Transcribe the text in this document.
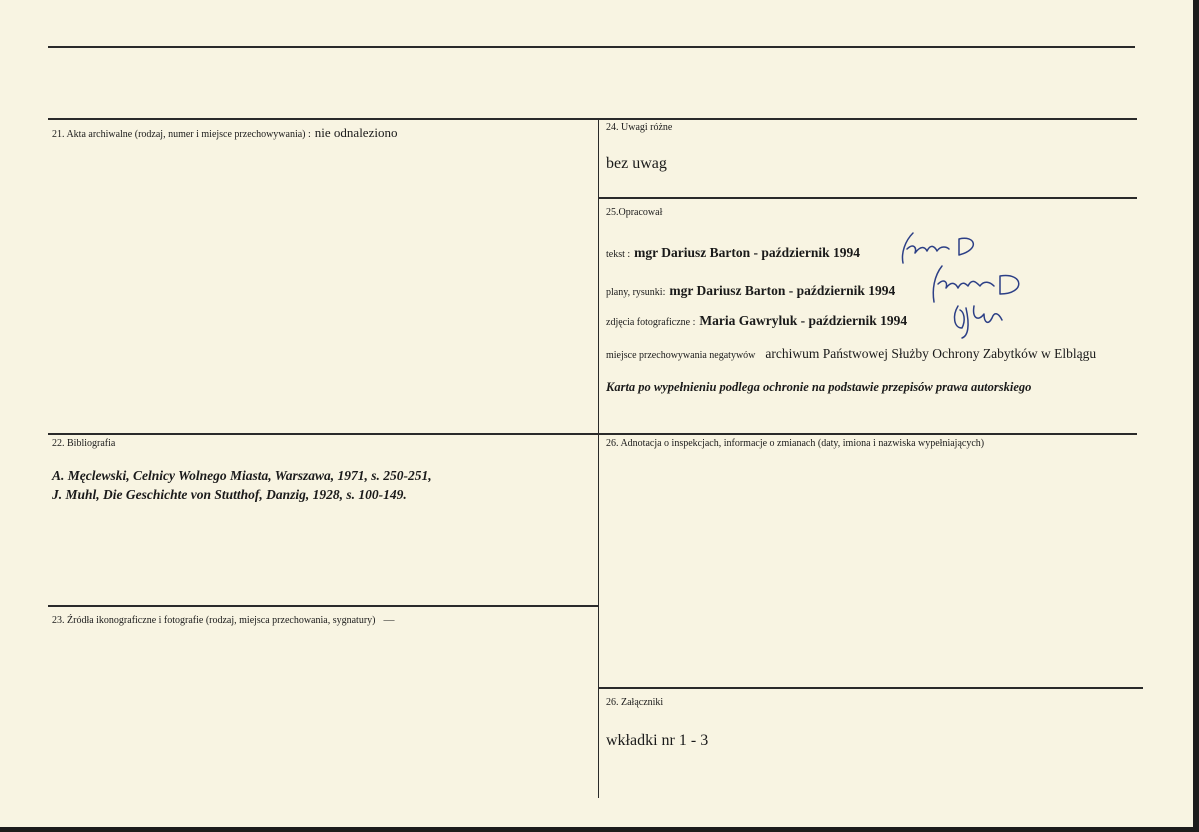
21. Akta archiwalne (rodzaj, numer i miejsce przechowywania) : nie odnaleziono	24. Uwagi różne
bez uwag
25.Opracował
tekst : mgr Dariusz Barton - październik 1994
plany, rysunki: mgr Dariusz Barton - październik 1994
zdjęcia fotograficzne : Maria Gawryluk - październik 1994
miejsce przechowywania negatywów archiwum Państwowej Służby Ochrony Zabytków w Elblągu
Karta po wypełnieniu podlega ochronie na podstawie przepisów prawa autorskiego
22. Bibliografia
A. Męclewski, Celnicy Wolnego Miasta, Warszawa, 1971, s. 250-251,
J. Muhl, Die Geschichte von Stutthof, Danzig, 1928, s. 100-149.
26. Adnotacja o inspekcjach, informacje o zmianach (daty, imiona i nazwiska wypełniających)
23. Źródła ikonograficzne i fotografie (rodzaj, miejsca przechowania, sygnatury) —
26. Załączniki
wkładki nr 1 - 3
